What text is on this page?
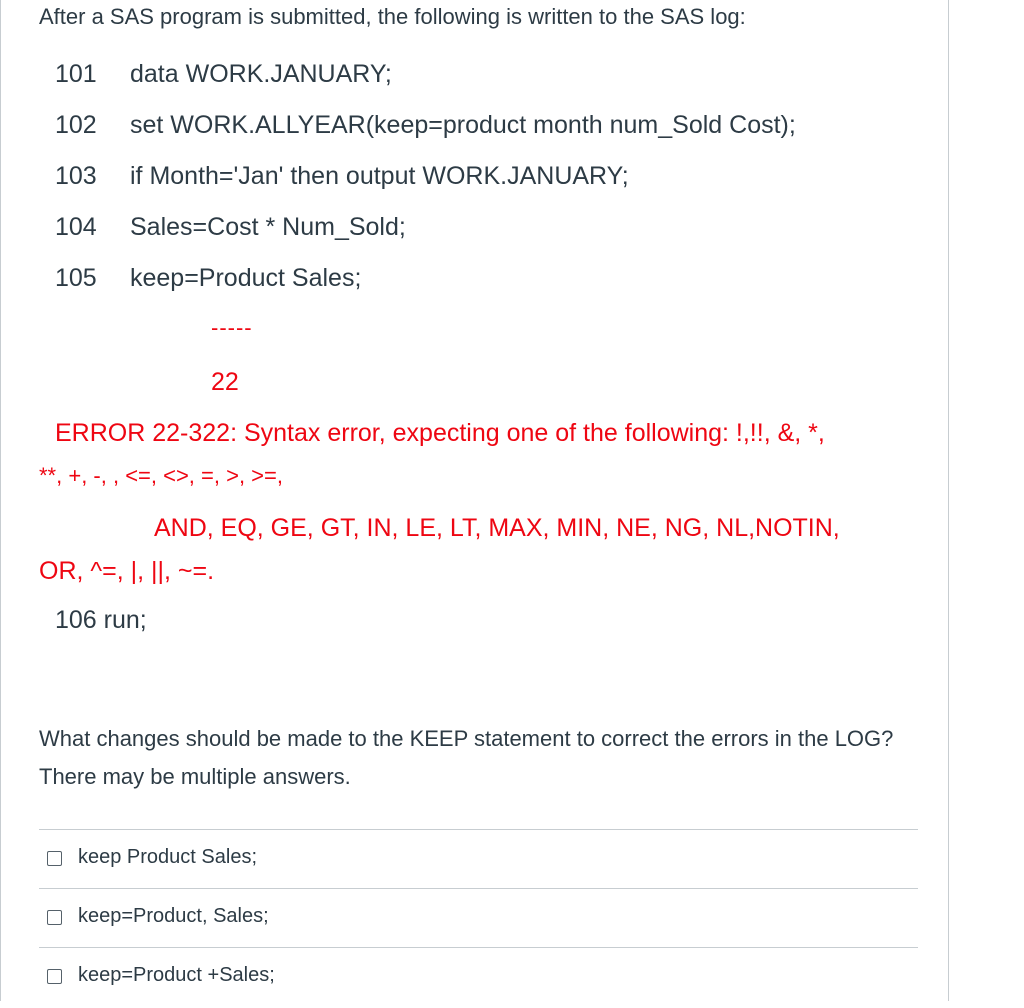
After a SAS program is submitted, the following is written to the SAS log:
101 data WORK.JANUARY;
102 set WORK.ALLYEAR(keep=product month num_Sold Cost);
103 if Month='Jan' then output WORK.JANUARY;
104 Sales=Cost * Num_Sold;
105 keep=Product Sales;
-----
22
ERROR 22-322: Syntax error, expecting one of the following: !,!!, &, *,
**, +, -, , <=, <>, =, >, >=,
AND, EQ, GE, GT, IN, LE, LT, MAX, MIN, NE, NG, NL,NOTIN,
OR, ^=, |, ||, ~=.
106 run;
What changes should be made to the KEEP statement to correct the errors in the LOG? There may be multiple answers.
keep Product Sales;
keep=Product, Sales;
keep=Product +Sales;
